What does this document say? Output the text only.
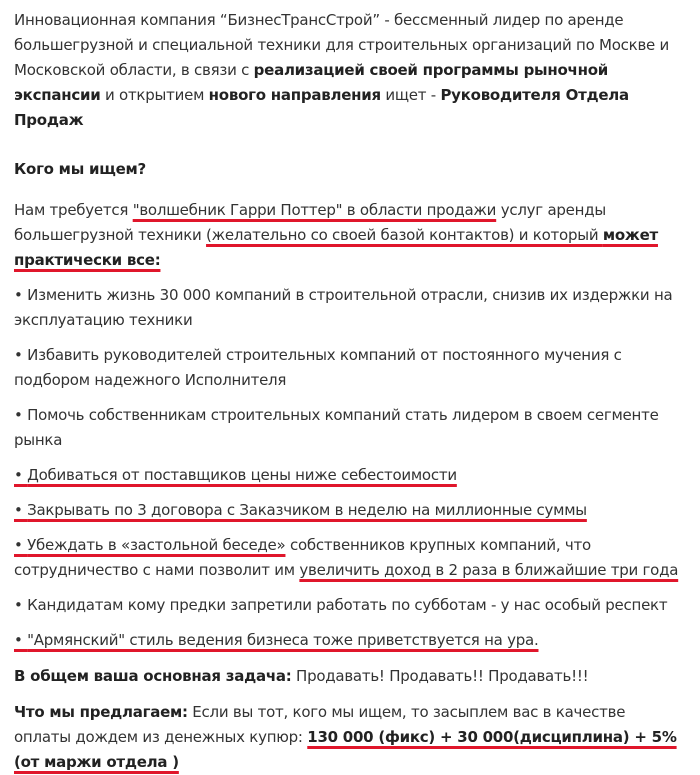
Инновационная компания “БизнесТрансСтрой” - бессменный лидер по аренде большегрузной и специальной техники для строительных организаций по Москве и Московской области, в связи с реализацией своей программы рыночной экспансии и открытием нового направления ищет - Руководителя Отдела Продаж

Кого мы ищем?

Нам требуется "волшебник Гарри Поттер" в области продажи услуг аренды большегрузной техники (желательно со своей базой контактов) и который может практически все:

• Изменить жизнь 30 000 компаний в строительной отрасли, снизив их издержки на эксплуатацию техники

• Избавить руководителей строительных компаний от постоянного мучения с подбором надежного Исполнителя

• Помочь собственникам строительных компаний стать лидером в своем сегменте рынка

• Добиваться от поставщиков цены ниже себестоимости

• Закрывать по 3 договора с Заказчиком в неделю на миллионные суммы

• Убеждать в «застольной беседе» собственников крупных компаний, что сотрудничество с нами позволит им увеличить доход в 2 раза в ближайшие три года

• Кандидатам кому предки запретили работать по субботам - у нас особый респект

• "Армянский" стиль ведения бизнеса тоже приветствуется на ура.

В общем ваша основная задача: Продавать! Продавать!! Продавать!!!

Что мы предлагаем: Если вы тот, кого мы ищем, то засыплем вас в качестве оплаты дождем из денежных купюр: 130 000 (фикс) + 30 000(дисциплина) + 5% (от маржи отдела )
